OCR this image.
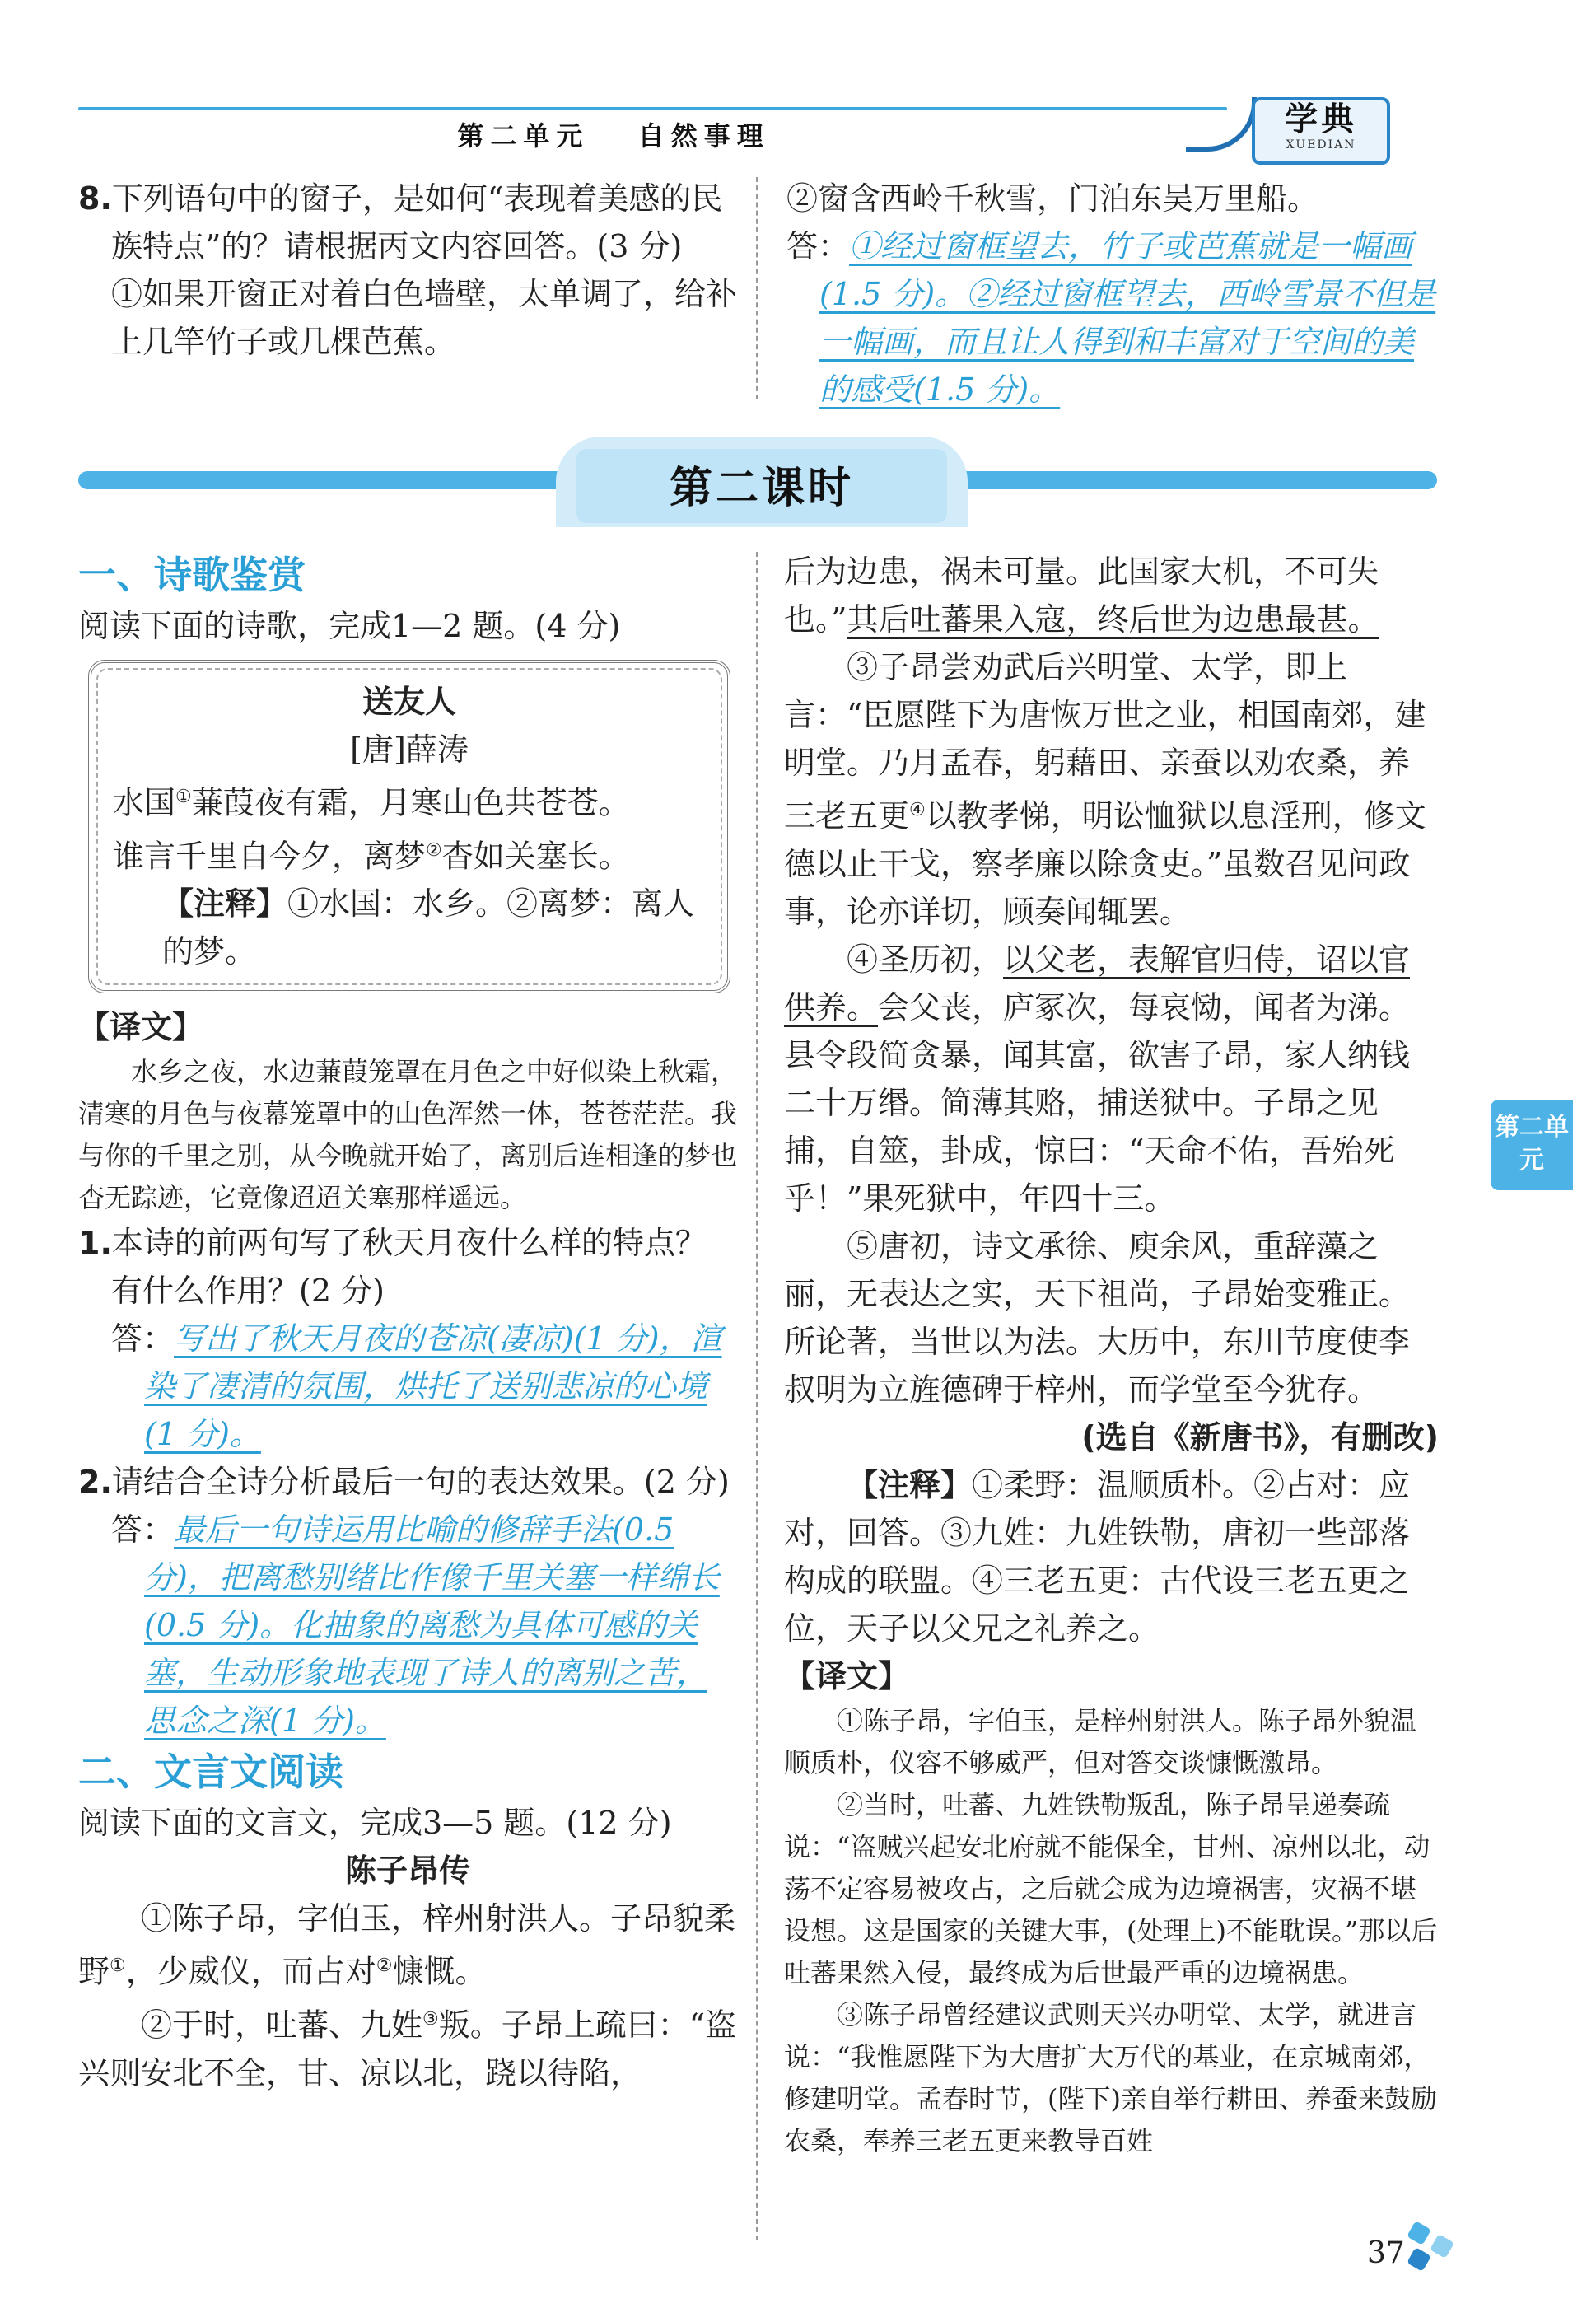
第二单元　 自然事理	学典
XUEDIAN

8.下列语句中的窗子，是如何“表现着美感的民族特点”的？请根据丙文内容回答。(3 分)

①如果开窗正对着白色墙壁，太单调了，给补上几竿竹子或几棵芭蕉。

②窗含西岭千秋雪，门泊东吴万里船。

答：①经过窗框望去，竹子或芭蕉就是一幅画(1.5 分)。②经过窗框望去，西岭雪景不但是一幅画，而且让人得到和丰富对于空间的美的感受(1.5 分)。

第二课时
一、诗歌鉴赏

阅读下面的诗歌，完成1—2 题。(4 分)

送友人
[唐]薛涛
水国①蒹葭夜有霜，月寒山色共苍苍。
谁言千里自今夕，离梦②杳如关塞长。
【注释】①水国：水乡。②离梦：离人的梦。

【译文】

水乡之夜，水边蒹葭笼罩在月色之中好似染上秋霜，清寒的月色与夜幕笼罩中的山色浑然一体，苍苍茫茫。我与你的千里之别，从今晚就开始了，离别后连相逢的梦也杳无踪迹，它竟像迢迢关塞那样遥远。

1.本诗的前两句写了秋天月夜什么样的特点？有什么作用？(2 分)

答：写出了秋天月夜的苍凉(凄凉)(1 分)，渲染了凄清的氛围，烘托了送别悲凉的心境(1 分)。

2.请结合全诗分析最后一句的表达效果。(2 分)

答：最后一句诗运用比喻的修辞手法(0.5 分)，把离愁别绪比作像千里关塞一样绵长(0.5 分)。化抽象的离愁为具体可感的关塞，生动形象地表现了诗人的离别之苦，思念之深(1 分)。

二、文言文阅读

阅读下面的文言文，完成3—5 题。(12 分)

陈子昂传

①陈子昂，字伯玉，梓州射洪人。子昂貌柔野①，少威仪，而占对②慷慨。

②于时，吐蕃、九姓③叛。子昂上疏曰：“盗兴则安北不全，甘、凉以北，跷以待陷，

后为边患，祸未可量。此国家大机，不可失也。”其后吐蕃果入寇，终后世为边患最甚。

③子昂尝劝武后兴明堂、太学，即上言：“臣愿陛下为唐恢万世之业，相国南郊，建明堂。乃月孟春，躬藉田、亲蚕以劝农桑，养三老五更④以教孝悌，明讼恤狱以息淫刑，修文德以止干戈，察孝廉以除贪吏。”虽数召见问政事，论亦详切，顾奏闻辄罢。

④圣历初，以父老，表解官归侍，诏以官供养。会父丧，庐冢次，每哀恸，闻者为涕。县令段简贪暴，闻其富，欲害子昂，家人纳钱二十万缗。简薄其赂，捕送狱中。子昂之见捕，自筮，卦成，惊曰：“天命不佑，吾殆死乎！”果死狱中，年四十三。

⑤唐初，诗文承徐、庾余风，重辞藻之丽，无表达之实，天下祖尚，子昂始变雅正。所论著，当世以为法。大历中，东川节度使李叔明为立旌德碑于梓州，而学堂至今犹存。

(选自《新唐书》，有删改)

【注释】①柔野：温顺质朴。②占对：应对，回答。③九姓：九姓铁勒，唐初一些部落构成的联盟。④三老五更：古代设三老五更之位，天子以父兄之礼养之。

【译文】

①陈子昂，字伯玉，是梓州射洪人。陈子昂外貌温顺质朴，仪容不够威严，但对答交谈慷慨激昂。

②当时，吐蕃、九姓铁勒叛乱，陈子昂呈递奏疏说：“盗贼兴起安北府就不能保全，甘州、凉州以北，动荡不定容易被攻占，之后就会成为边境祸害，灾祸不堪设想。这是国家的关键大事，(处理上)不能耽误。”那以后吐蕃果然入侵，最终成为后世最严重的边境祸患。

③陈子昂曾经建议武则天兴办明堂、太学，就进言说：“我惟愿陛下为大唐扩大万代的基业，在京城南郊，修建明堂。孟春时节，(陛下)亲自举行耕田、养蚕来鼓励农桑，奉养三老五更来教导百姓

第二单元
37
